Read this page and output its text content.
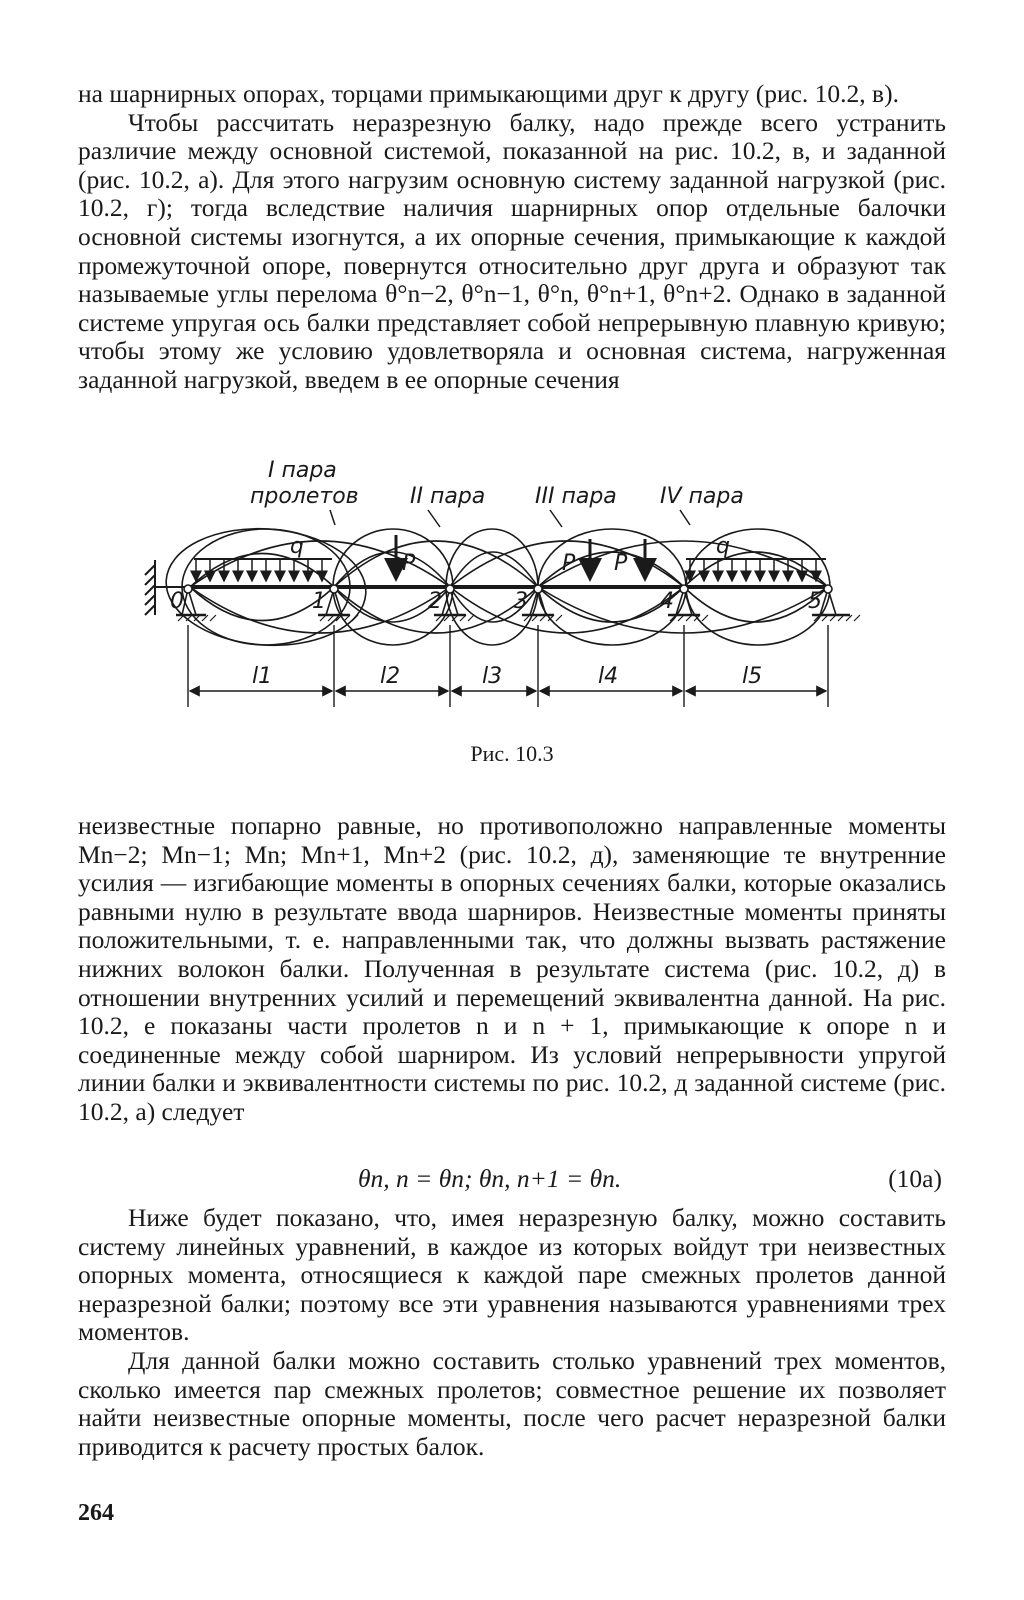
на шарнирных опорах, торцами примыкающими друг к другу (рис. 10.2, в).

Чтобы рассчитать неразрезную балку, надо прежде всего устранить различие между основной системой, показанной на рис. 10.2, в, и заданной (рис. 10.2, а). Для этого нагрузим основную систему заданной нагрузкой (рис. 10.2, г); тогда вследствие наличия шарнирных опор отдельные балочки основной системы изогнутся, а их опорные сечения, примыкающие к каждой промежуточной опоре, повернутся относительно друг друга и образуют так называемые углы перелома θ°n−2, θ°n−1, θ°n, θ°n+1, θ°n+2. Однако в заданной системе упругая ось балки представляет собой непрерывную плавную кривую; чтобы этому же условию удовлетворяла и основная система, нагруженная заданной нагрузкой, введем в ее опорные сечения

I пара
пролетов II пара III пара IV пара
q	q
P	P P
0	1	2	3	4	5
l1	l2	l3	l4	l5
Рис. 10.3

неизвестные попарно равные, но противоположно направленные моменты Mn−2; Mn−1; Mn; Mn+1, Mn+2 (рис. 10.2, д), заменяющие те внутренние усилия — изгибающие моменты в опорных сечениях балки, которые оказались равными нулю в результате ввода шарниров. Неизвестные моменты приняты положительными, т. е. направленными так, что должны вызвать растяжение нижних волокон балки. Полученная в результате система (рис. 10.2, д) в отношении внутренних усилий и перемещений эквивалентна данной. На рис. 10.2, е показаны части пролетов n и n + 1, примыкающие к опоре n и соединенные между собой шарниром. Из условий непрерывности упругой линии балки и эквивалентности системы по рис. 10.2, д заданной системе (рис. 10.2, а) следует

θn, n = θn; θn, n+1 = θn.	(10а)

Ниже будет показано, что, имея неразрезную балку, можно составить систему линейных уравнений, в каждое из которых войдут три неизвестных опорных момента, относящиеся к каждой паре смежных пролетов данной неразрезной балки; поэтому все эти уравнения называются уравнениями трех моментов.

Для данной балки можно составить столько уравнений трех моментов, сколько имеется пар смежных пролетов; совместное решение их позволяет найти неизвестные опорные моменты, после чего расчет неразрезной балки приводится к расчету простых балок.

264
